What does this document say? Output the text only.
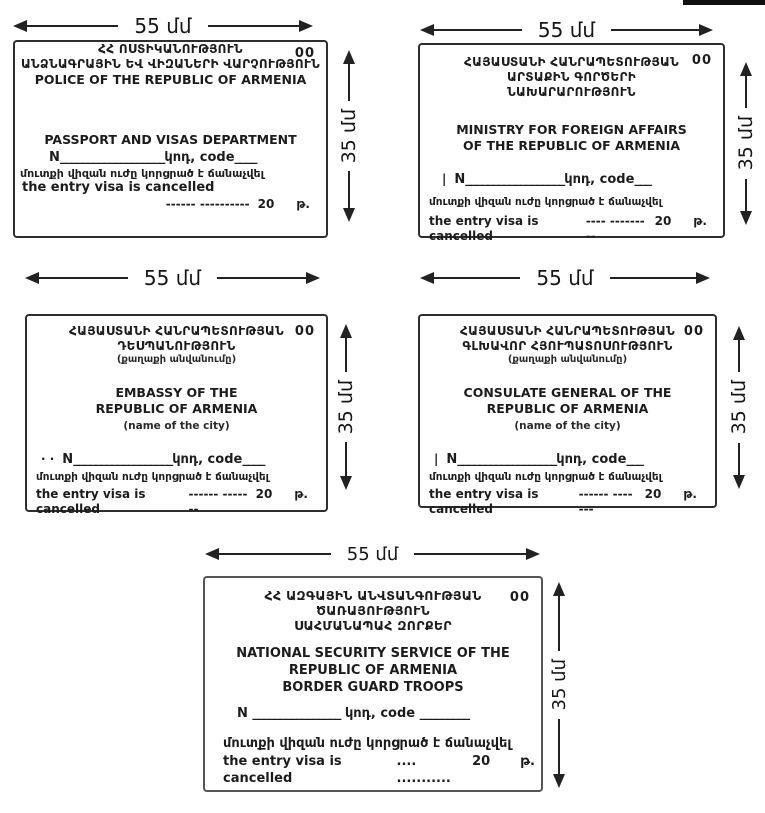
55 մմ
00
ՀՀ ՈՍՏԻԿԱՆՈՒԹՅՈՒՆ
ԱՆՁՆԱԳՐԱՅԻՆ ԵՎ ՎԻԶԱՆԵՐԻ ՎԱՐՉՈՒԹՅՈՒՆ
POLICE OF THE REPUBLIC OF ARMENIA
PASSPORT AND VISAS DEPARTMENT
N___________________կոդ, code____
մուտքի վիզան ուժը կորցրած է ճանաչվել
the entry visa is cancelled
------ ---------- 20 թ.
35 մմ
55 մմ
00
ՀԱՅԱՍՏԱՆԻ ՀԱՆՐԱՊԵՏՈՒԹՅԱՆ
ԱՐՏԱՔԻՆ ԳՈՐԾԵՐԻ
ՆԱԽԱՐԱՐՈՒԹՅՈՒՆ
MINISTRY FOR FOREIGN AFFAIRS
OF THE REPUBLIC OF ARMENIA
| N__________________կոդ, code___
մուտքի վիզան ուժը կորցրած է ճանաչվել
the entry visa is cancelled
---- ---------
20 թ.
35 մմ
55 մմ
00
ՀԱՅԱՍՏԱՆԻ ՀԱՆՐԱՊԵՏՈՒԹՅԱՆ
ԴԵՍՊԱՆՈՒԹՅՈՒՆ
(քաղաքի անվանումը)
EMBASSY OF THE
REPUBLIC OF ARMENIA
(name of the city)
· · N__________________կոդ, code____
մուտքի վիզան ուժը կորցրած է ճանաչվել
the entry visa is cancelled
------ -------
20 թ.
35 մմ
55 մմ
00
ՀԱՅԱՍՏԱՆԻ ՀԱՆՐԱՊԵՏՈՒԹՅԱՆ
ԳԼԽԱՎՈՐ ՀՅՈՒՊԱՏՈՍՈՒԹՅՈՒՆ
(քաղաքի անվանումը)
CONSULATE GENERAL OF THE
REPUBLIC OF ARMENIA
(name of the city)
| N__________________կոդ, code___
մուտքի վիզան ուժը կորցրած է ճանաչվել
the entry visa is cancelled
------ -------
20 թ.
35 մմ
55 մմ
00
ՀՀ ԱԶԳԱՅԻՆ ԱՆՎՏԱՆԳՈՒԹՅԱՆ
ԾԱՌԱՅՈՒԹՅՈՒՆ
ՍԱՀՄԱՆԱՊԱՀ ԶՈՐՔԵՐ
NATIONAL SECURITY SERVICE OF THE
REPUBLIC OF ARMENIA
BORDER GUARD TROOPS
N ________________ կոդ, code _________
մուտքի վիզան ուժը կորցրած է ճանաչվել
the entry visa is cancelled
.... ...........
20 թ.
35 մմ
